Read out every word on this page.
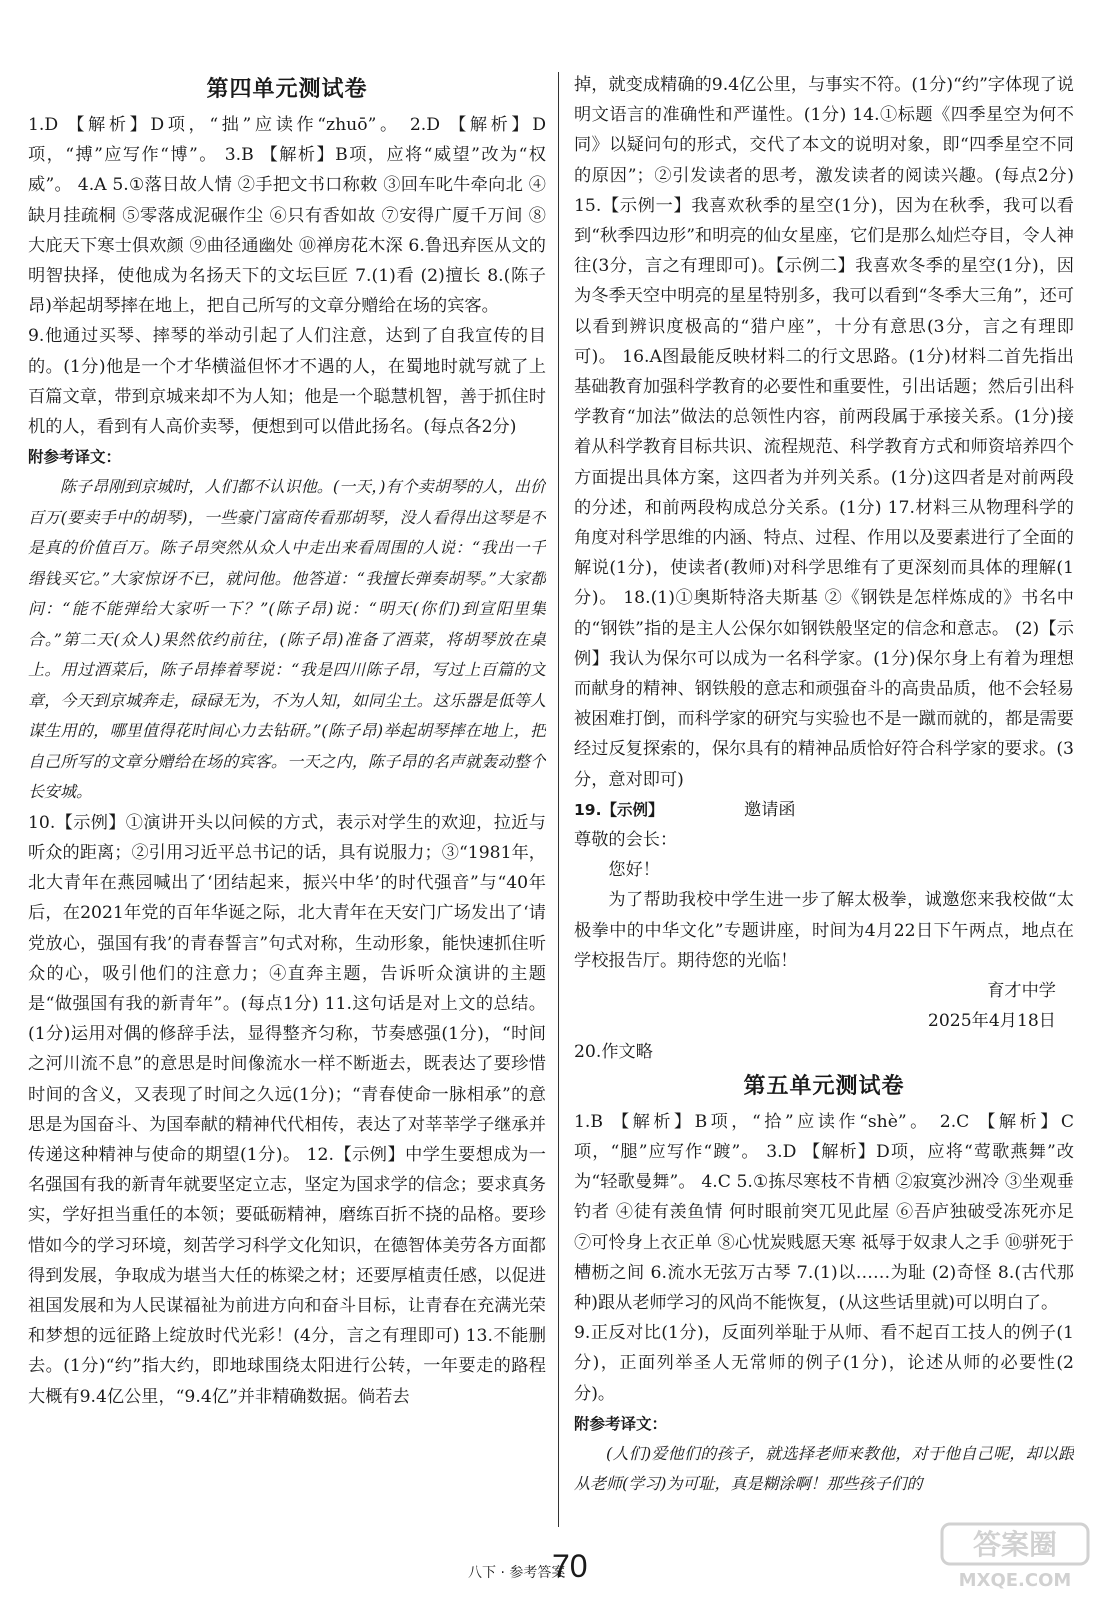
第四单元测试卷

1.D 【解析】D项，“拙”应读作“zhuō”。 2.D 【解析】D项，“搏”应写作“博”。 3.B 【解析】B项，应将“威望”改为“权威”。 4.A 5.①落日故人情 ②手把文书口称敕 ③回车叱牛牵向北 ④缺月挂疏桐 ⑤零落成泥碾作尘 ⑥只有香如故 ⑦安得广厦千万间 ⑧大庇天下寒士俱欢颜 ⑨曲径通幽处 ⑩禅房花木深 6.鲁迅弃医从文的明智抉择，使他成为名扬天下的文坛巨匠 7.(1)看 (2)擅长 8.(陈子昂)举起胡琴摔在地上，把自己所写的文章分赠给在场的宾客。

9.他通过买琴、摔琴的举动引起了人们注意，达到了自我宣传的目的。(1分)他是一个才华横溢但怀才不遇的人，在蜀地时就写就了上百篇文章，带到京城来却不为人知；他是一个聪慧机智，善于抓住时机的人，看到有人高价卖琴，便想到可以借此扬名。(每点各2分)

附参考译文：

陈子昂刚到京城时，人们都不认识他。(一天，)有个卖胡琴的人，出价百万(要卖手中的胡琴)，一些豪门富商传看那胡琴，没人看得出这琴是不是真的价值百万。陈子昂突然从众人中走出来看周围的人说：“我出一千缗钱买它。”大家惊讶不已，就问他。他答道：“我擅长弹奏胡琴。”大家都问：“能不能弹给大家听一下？”(陈子昂)说：“明天(你们)到宣阳里集合。”第二天(众人)果然依约前往，(陈子昂)准备了酒菜，将胡琴放在桌上。用过酒菜后，陈子昂捧着琴说：“我是四川陈子昂，写过上百篇的文章，今天到京城奔走，碌碌无为，不为人知，如同尘土。这乐器是低等人谋生用的，哪里值得花时间心力去钻研。”(陈子昂)举起胡琴摔在地上，把自己所写的文章分赠给在场的宾客。一天之内，陈子昂的名声就轰动整个长安城。

10.【示例】①演讲开头以问候的方式，表示对学生的欢迎，拉近与听众的距离；②引用习近平总书记的话，具有说服力；③“1981年，北大青年在燕园喊出了‘团结起来，振兴中华’的时代强音”与“40年后，在2021年党的百年华诞之际，北大青年在天安门广场发出了‘请党放心，强国有我’的青春誓言”句式对称，生动形象，能快速抓住听众的心，吸引他们的注意力；④直奔主题，告诉听众演讲的主题是“做强国有我的新青年”。(每点1分) 11.这句话是对上文的总结。(1分)运用对偶的修辞手法，显得整齐匀称，节奏感强(1分)，“时间之河川流不息”的意思是时间像流水一样不断逝去，既表达了要珍惜时间的含义，又表现了时间之久远(1分)；“青春使命一脉相承”的意思是为国奋斗、为国奉献的精神代代相传，表达了对莘莘学子继承并传递这种精神与使命的期望(1分)。 12.【示例】中学生要想成为一名强国有我的新青年就要坚定立志，坚定为国求学的信念；要求真务实，学好担当重任的本领；要砥砺精神，磨练百折不挠的品格。要珍惜如今的学习环境，刻苦学习科学文化知识，在德智体美劳各方面都得到发展，争取成为堪当大任的栋梁之材；还要厚植责任感，以促进祖国发展和为人民谋福祉为前进方向和奋斗目标，让青春在充满光荣和梦想的远征路上绽放时代光彩！(4分，言之有理即可) 13.不能删去。(1分)“约”指大约，即地球围绕太阳进行公转，一年要走的路程大概有9.4亿公里，“9.4亿”并非精确数据。倘若去

掉，就变成精确的9.4亿公里，与事实不符。(1分)“约”字体现了说明文语言的准确性和严谨性。(1分) 14.①标题《四季星空为何不同》以疑问句的形式，交代了本文的说明对象，即“四季星空不同的原因”；②引发读者的思考，激发读者的阅读兴趣。(每点2分) 15.【示例一】我喜欢秋季的星空(1分)，因为在秋季，我可以看到“秋季四边形”和明亮的仙女星座，它们是那么灿烂夺目，令人神往(3分，言之有理即可)。【示例二】我喜欢冬季的星空(1分)，因为冬季天空中明亮的星星特别多，我可以看到“冬季大三角”，还可以看到辨识度极高的“猎户座”，十分有意思(3分，言之有理即可)。 16.A图最能反映材料二的行文思路。(1分)材料二首先指出基础教育加强科学教育的必要性和重要性，引出话题；然后引出科学教育“加法”做法的总领性内容，前两段属于承接关系。(1分)接着从科学教育目标共识、流程规范、科学教育方式和师资培养四个方面提出具体方案，这四者为并列关系。(1分)这四者是对前两段的分述，和前两段构成总分关系。(1分) 17.材料三从物理科学的角度对科学思维的内涵、特点、过程、作用以及要素进行了全面的解说(1分)，使读者(教师)对科学思维有了更深刻而具体的理解(1分)。 18.(1)①奥斯特洛夫斯基 ②《钢铁是怎样炼成的》书名中的“钢铁”指的是主人公保尔如钢铁般坚定的信念和意志。 (2)【示例】我认为保尔可以成为一名科学家。(1分)保尔身上有着为理想而献身的精神、钢铁般的意志和顽强奋斗的高贵品质，他不会轻易被困难打倒，而科学家的研究与实验也不是一蹴而就的，都是需要经过反复探索的，保尔具有的精神品质恰好符合科学家的要求。(3分，意对即可)

19.【示例】	邀请函

尊敬的会长：

您好！

为了帮助我校中学生进一步了解太极拳，诚邀您来我校做“太极拳中的中华文化”专题讲座，时间为4月22日下午两点，地点在学校报告厅。期待您的光临！

育才中学

2025年4月18日

20.作文略

第五单元测试卷

1.B 【解析】B项，“拾”应读作“shè”。 2.C 【解析】C项，“腿”应写作“踱”。 3.D 【解析】D项，应将“莺歌燕舞”改为“轻歌曼舞”。 4.C 5.①拣尽寒枝不肯栖 ②寂寞沙洲冷 ③坐观垂钓者 ④徒有羡鱼情 何时眼前突兀见此屋 ⑥吾庐独破受冻死亦足 ⑦可怜身上衣正单 ⑧心忧炭贱愿天寒 祗辱于奴隶人之手 ⑩骈死于槽枥之间 6.流水无弦万古琴 7.(1)以……为耻 (2)奇怪 8.(古代那种)跟从老师学习的风尚不能恢复，(从这些话里就)可以明白了。

9.正反对比(1分)，反面列举耻于从师、看不起百工技人的例子(1分)，正面列举圣人无常师的例子(1分)，论述从师的必要性(2分)。

附参考译文：

(人们)爱他们的孩子，就选择老师来教他，对于他自己呢，却以跟从老师(学习)为可耻，真是糊涂啊！那些孩子们的

八下 · 参考答案
70
答案圈
MXQE.COM
